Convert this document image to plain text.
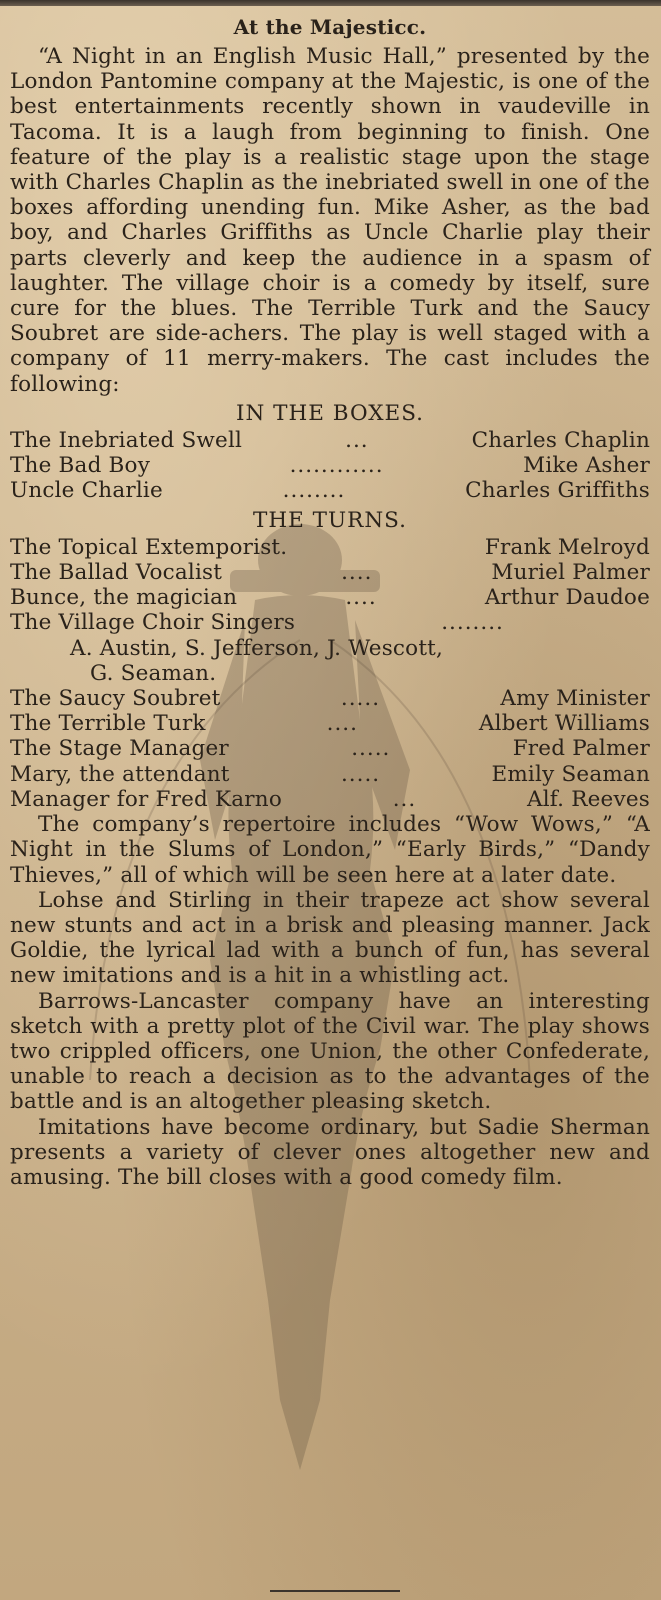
At the Majesticc.

“A Night in an English Music Hall,” presented by the London Pantomine company at the Majestic, is one of the best entertainments recently shown in vaudeville in Tacoma. It is a laugh from beginning to finish. One feature of the play is a realistic stage upon the stage with Charles Chaplin as the inebriated swell in one of the boxes affording unending fun. Mike Asher, as the bad boy, and Charles Griffiths as Uncle Charlie play their parts cleverly and keep the audience in a spasm of laughter. The village choir is a comedy by itself, sure cure for the blues. The Terrible Turk and the Saucy Soubret are side-achers. The play is well staged with a company of 11 merry-makers. The cast includes the following:

IN THE BOXES.
The Inebriated Swell	...	Charles Chaplin
The Bad Boy	............	Mike Asher
Uncle Charlie	........	Charles Griffiths
THE TURNS.
The Topical Extemporist.	Frank Melroyd
The Ballad Vocalist	....	Muriel Palmer
Bunce, the magician	....	Arthur Daudoe
The Village Choir Singers	........
A. Austin, S. Jefferson, J. Wescott,
G. Seaman.
The Saucy Soubret	.....	Amy Minister
The Terrible Turk	....	Albert Williams
The Stage Manager	.....	Fred Palmer
Mary, the attendant	.....	Emily Seaman
Manager for Fred Karno	...	Alf. Reeves

The company’s repertoire includes “Wow Wows,” “A Night in the Slums of London,” “Early Birds,” “Dandy Thieves,” all of which will be seen here at a later date.

Lohse and Stirling in their trapeze act show several new stunts and act in a brisk and pleasing manner. Jack Goldie, the lyrical lad with a bunch of fun, has several new imitations and is a hit in a whistling act.

Barrows-Lancaster company have an interesting sketch with a pretty plot of the Civil war. The play shows two crippled officers, one Union, the other Confederate, unable to reach a decision as to the advantages of the battle and is an altogether pleasing sketch.

Imitations have become ordinary, but Sadie Sherman presents a variety of clever ones altogether new and amusing. The bill closes with a good comedy film.
